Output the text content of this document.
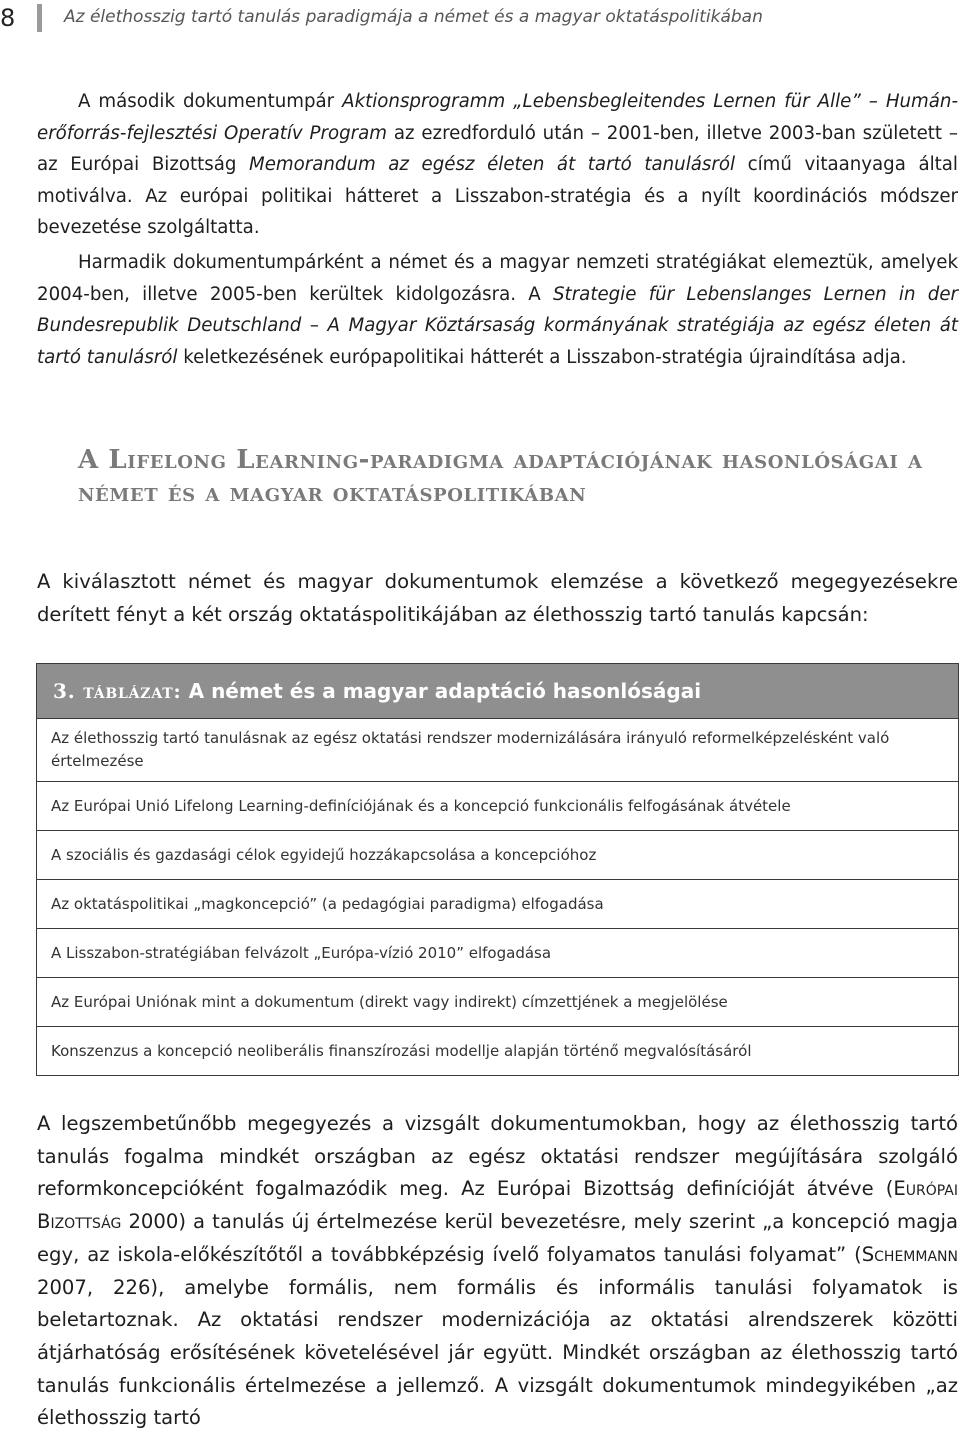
8	Az élethosszig tartó tanulás paradigmája a német és a magyar oktatáspolitikában

A második dokumentumpár Aktionsprogramm „Lebensbegleitendes Lernen für Alle” – Humánerőforrás-fejlesztési Operatív Program az ezredforduló után – 2001-ben, illetve 2003-ban született – az Európai Bizottság Memorandum az egész életen át tartó tanulásról című vitaanyaga által motiválva. Az európai politikai hátteret a Lisszabon-stratégia és a nyílt koordinációs módszer bevezetése szolgáltatta.

Harmadik dokumentumpárként a német és a magyar nemzeti stratégiákat elemeztük, amelyek 2004-ben, illetve 2005-ben kerültek kidolgozásra. A Strategie für Lebenslanges Lernen in der Bundesrepublik Deutschland – A Magyar Köztársaság kormányának stratégiája az egész életen át tartó tanulásról keletkezésének európapolitikai hátterét a Lisszabon-stratégia újraindítása adja.

A Lifelong Learning-paradigma adaptációjának hasonlóságai a német és a magyar oktatáspolitikában

A kiválasztott német és magyar dokumentumok elemzése a következő megegyezésekre derített fényt a két ország oktatáspolitikájában az élethosszig tartó tanulás kapcsán:

3. táblázat: A német és a magyar adaptáció hasonlóságai
Az élethosszig tartó tanulásnak az egész oktatási rendszer modernizálására irányuló reformelképzelésként való értelmezése
Az Európai Unió Lifelong Learning-definíciójának és a koncepció funkcionális felfogásának átvétele
A szociális és gazdasági célok egyidejű hozzákapcsolása a koncepcióhoz
Az oktatáspolitikai „magkoncepció” (a pedagógiai paradigma) elfogadása
A Lisszabon-stratégiában felvázolt „Európa-vízió 2010” elfogadása
Az Európai Uniónak mint a dokumentum (direkt vagy indirekt) címzettjének a megjelölése
Konszenzus a koncepció neoliberális finanszírozási modellje alapján történő megvalósításáról

A legszembetűnőbb megegyezés a vizsgált dokumentumokban, hogy az élethosszig tartó tanulás fogalma mindkét országban az egész oktatási rendszer megújítására szolgáló reformkoncepcióként fogalmazódik meg. Az Európai Bizottság definícióját átvéve (Európai Bizottság 2000) a tanulás új értelmezése kerül bevezetésre, mely szerint „a koncepció magja egy, az iskola-előkészítőtől a továbbképzésig ívelő folyamatos tanulási folyamat” (Schemmann 2007, 226), amelybe formális, nem formális és informális tanulási folyamatok is beletartoznak. Az oktatási rendszer modernizációja az oktatási alrendszerek közötti átjárhatóság erősítésének követelésével jár együtt. Mindkét országban az élethosszig tartó tanulás funkcionális értelmezése a jellemző. A vizsgált dokumentumok mindegyikében „az élethosszig tartó
